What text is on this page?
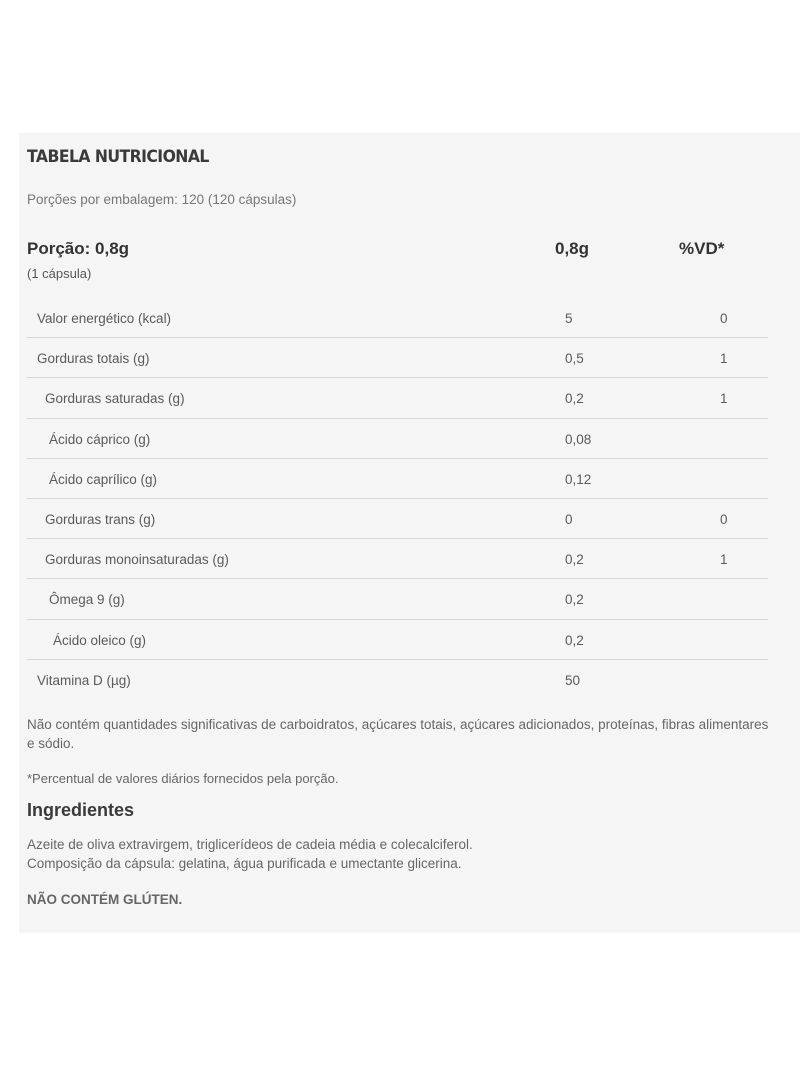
TABELA NUTRICIONAL
Porções por embalagem: 120 (120 cápsulas)
Porção: 0,8g
(1 cápsula)
0,8g	%VD*
Valor energético (kcal)	5	0
Gorduras totais (g)	0,5	1
Gorduras saturadas (g)	0,2	1
Ácido cáprico (g)	0,08
Ácido caprílico (g)	0,12
Gorduras trans (g)	0	0
Gorduras monoinsaturadas (g)	0,2	1
Ômega 9 (g)	0,2
Ácido oleico (g)	0,2
Vitamina D (µg)	50
Não contém quantidades significativas de carboidratos, açúcares totais, açúcares adicionados, proteínas, fibras alimentares e sódio.
*Percentual de valores diários fornecidos pela porção.
Ingredientes
Azeite de oliva extravirgem, triglicerídeos de cadeia média e colecalciferol.
Composição da cápsula: gelatina, água purificada e umectante glicerina.
NÃO CONTÉM GLÚTEN.
